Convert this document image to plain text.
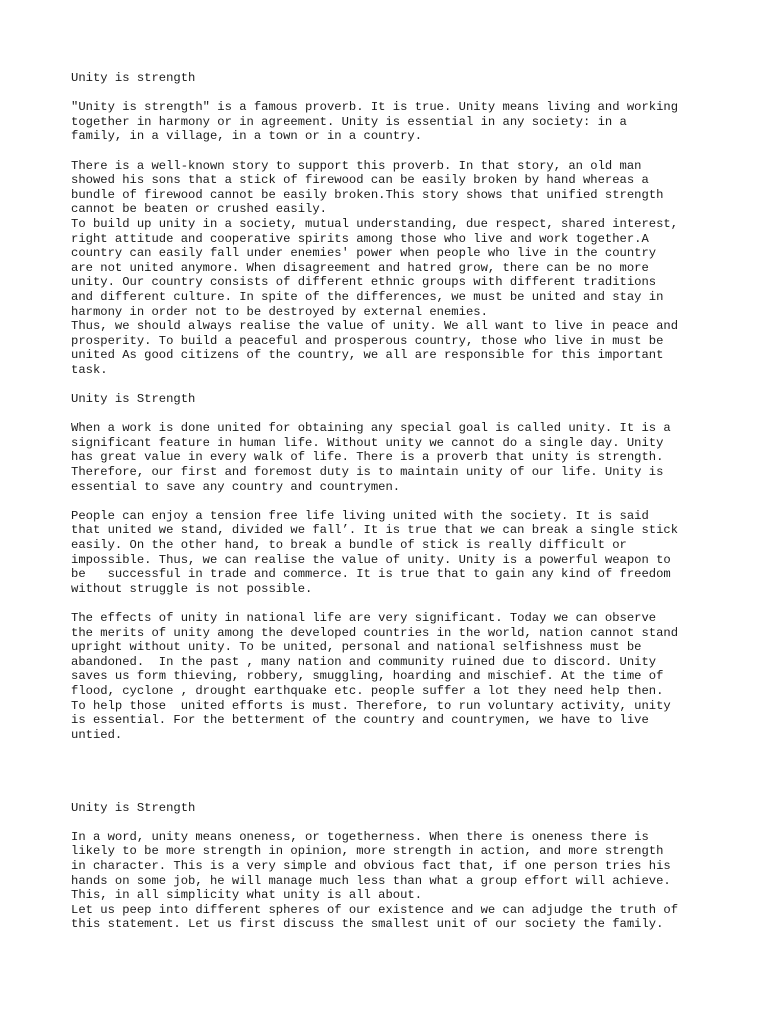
Unity is strength
"Unity is strength" is a famous proverb. It is true. Unity means living and working
together in harmony or in agreement. Unity is essential in any society: in a
family, in a village, in a town or in a country.
There is a well-known story to support this proverb. In that story, an old man
showed his sons that a stick of firewood can be easily broken by hand whereas a
bundle of firewood cannot be easily broken.This story shows that unified strength
cannot be beaten or crushed easily.
To build up unity in a society, mutual understanding, due respect, shared interest,
right attitude and cooperative spirits among those who live and work together.A
country can easily fall under enemies' power when people who live in the country
are not united anymore. When disagreement and hatred grow, there can be no more
unity. Our country consists of different ethnic groups with different traditions
and different culture. In spite of the differences, we must be united and stay in
harmony in order not to be destroyed by external enemies.
Thus, we should always realise the value of unity. We all want to live in peace and
prosperity. To build a peaceful and prosperous country, those who live in must be
united As good citizens of the country, we all are responsible for this important
task.
Unity is Strength
When a work is done united for obtaining any special goal is called unity. It is a
significant feature in human life. Without unity we cannot do a single day. Unity
has great value in every walk of life. There is a proverb that unity is strength.
Therefore, our first and foremost duty is to maintain unity of our life. Unity is
essential to save any country and countrymen.
People can enjoy a tension free life living united with the society. It is said
that united we stand, divided we fall’. It is true that we can break a single stick
easily. On the other hand, to break a bundle of stick is really difficult or
impossible. Thus, we can realise the value of unity. Unity is a powerful weapon to
be   successful in trade and commerce. It is true that to gain any kind of freedom
without struggle is not possible.
The effects of unity in national life are very significant. Today we can observe
the merits of unity among the developed countries in the world, nation cannot stand
upright without unity. To be united, personal and national selfishness must be
abandoned.  In the past , many nation and community ruined due to discord. Unity
saves us form thieving, robbery, smuggling, hoarding and mischief. At the time of
flood, cyclone , drought earthquake etc. people suffer a lot they need help then.
To help those  united efforts is must. Therefore, to run voluntary activity, unity
is essential. For the betterment of the country and countrymen, we have to live
untied.
Unity is Strength
In a word, unity means oneness, or togetherness. When there is oneness there is
likely to be more strength in opinion, more strength in action, and more strength
in character. This is a very simple and obvious fact that, if one person tries his
hands on some job, he will manage much less than what a group effort will achieve.
This, in all simplicity what unity is all about.
Let us peep into different spheres of our existence and we can adjudge the truth of
this statement. Let us first discuss the smallest unit of our society the family.
